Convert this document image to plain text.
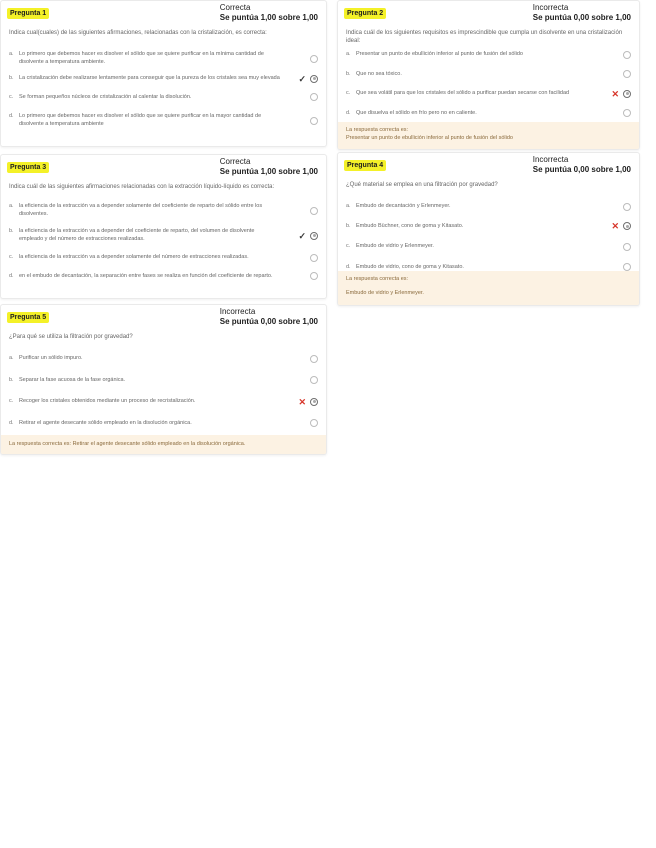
Pregunta 1
Correcta
Se puntúa 1,00 sobre 1,00
Indica cual(cuales) de las siguientes afirmaciones, relacionadas con la cristalización, es correcta:
a. Lo primero que debemos hacer es disolver el sólido que se quiere purificar en la mínima cantidad de disolvente a temperatura ambiente.
b. La cristalización debe realizarse lentamente para conseguir que la pureza de los cristales sea muy elevada	✓
c.	Se forman pequeños núcleos de cristalización al calentar la disolución.
d. Lo primero que debemos hacer es disolver el sólido que se quiere purificar en la mayor cantidad de disolvente a temperatura ambiente
Pregunta 2
Incorrecta
Se puntúa 0,00 sobre 1,00
Indica cuál de los siguientes requisitos es imprescindible que cumpla un disolvente en una cristalización ideal:
a. Presentar un punto de ebullición inferior al punto de fusión del sólido
b. Que no sea tóxico.
c.	Que sea volátil para que los cristales del sólido a purificar puedan secarse con facilidad	✕
d. Que disuelva el sólido en frío pero no en caliente.
La respuesta correcta es:
Presentar un punto de ebullición inferior al punto de fusión del sólido
Pregunta 3
Correcta
Se puntúa 1,00 sobre 1,00
Indica cuál de las siguientes afirmaciones relacionadas con la extracción líquido-líquido es correcta:
a. la eficiencia de la extracción va a depender solamente del coeficiente de reparto del sólido entre los disolventes.
b. la eficiencia de la extracción va a depender del coeficiente de reparto, del volumen de disolvente empleado y del número de extracciones realizadas.	✓
c.	la eficiencia de la extracción va a depender solamente del número de extracciones realizadas.
d. en el embudo de decantación, la separación entre fases se realiza en función del coeficiente de reparto.
Pregunta 4
Incorrecta
Se puntúa 0,00 sobre 1,00
¿Qué material se emplea en una filtración por gravedad?
a. Embudo de decantación y Erlenmeyer.
b. Embudo Büchner, cono de goma y Kitasato.	✕
c.	Embudo de vidrio y Erlenmeyer.
d. Embudo de vidrio, cono de goma y Kitasato.
La respuesta correcta es:
Embudo de vidrio y Erlenmeyer.
Pregunta 5
Incorrecta
Se puntúa 0,00 sobre 1,00
¿Para qué se utiliza la filtración por gravedad?
a. Purificar un sólido impuro.
b. Separar la fase acuosa de la fase orgánica.
c.	Recoger los cristales obtenidos mediante un proceso de recristalización.	✕
d. Retirar el agente desecante sólido empleado en la disolución orgánica.
La respuesta correcta es: Retirar el agente desecante sólido empleado en la disolución orgánica.
